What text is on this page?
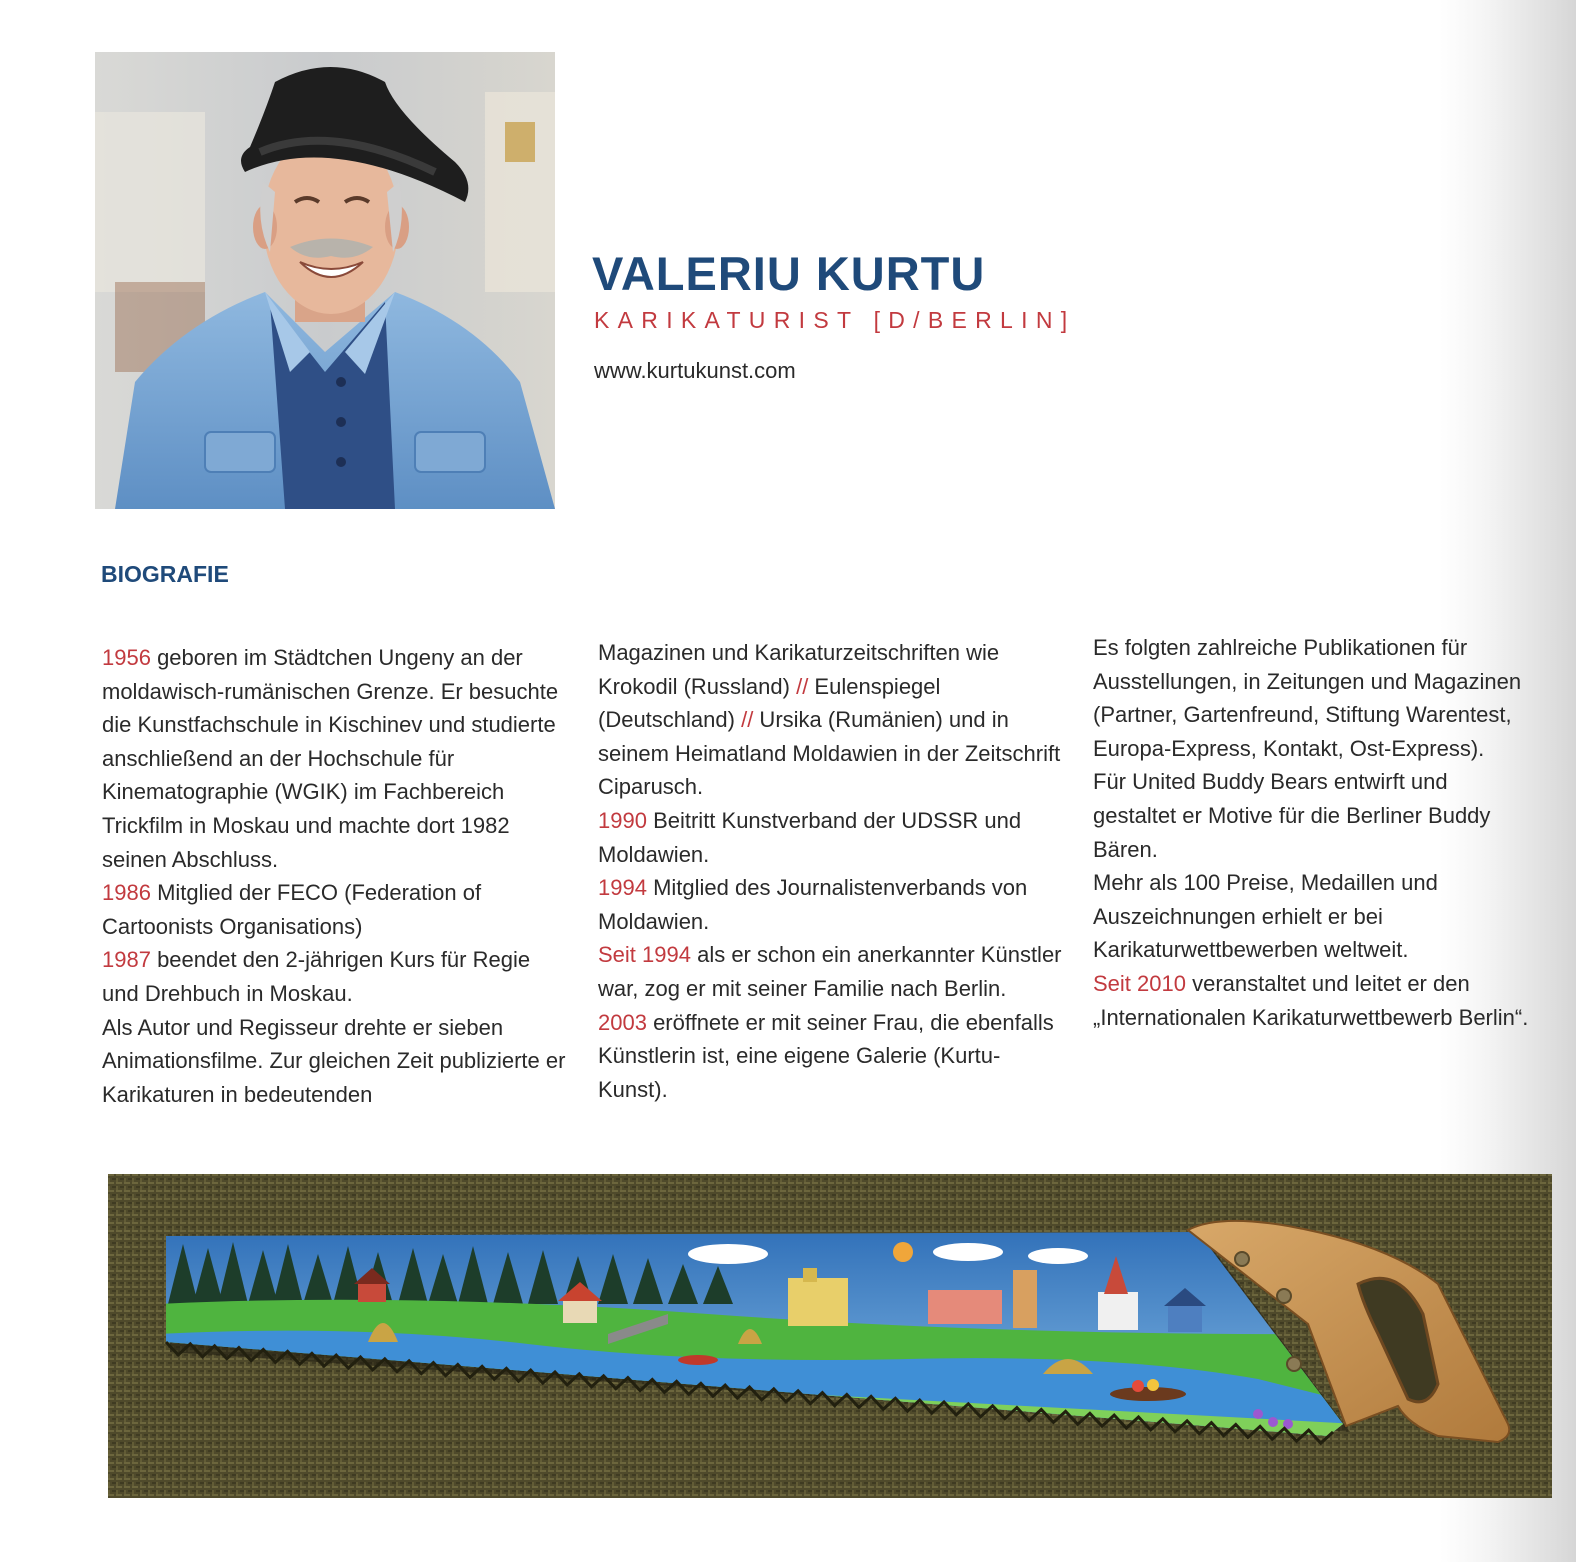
VALERIU KURTU

KARIKATURIST [D/BERLIN]

www.kurtukunst.com

BIOGRAFIE

1956 geboren im Städtchen Ungeny an der moldawisch-rumänischen Grenze. Er besuchte die Kunstfachschule in Kischinev und studierte anschließend an der Hochschule für Kinematographie (WGIK) im Fachbereich Trickfilm in Moskau und machte dort 1982 seinen Abschluss.

1986 Mitglied der FECO (Federation of Cartoonists Organisations)

1987 beendet den 2-jährigen Kurs für Regie und Drehbuch in Moskau.

Als Autor und Regisseur drehte er sieben Animationsfilme. Zur gleichen Zeit publizierte er Karikaturen in bedeutenden

Magazinen und Karikaturzeitschriften wie Krokodil (Russland) // Eulenspiegel (Deutschland) // Ursika (Rumänien) und in seinem Heimatland Moldawien in der Zeitschrift Ciparusch.

1990 Beitritt Kunstverband der UDSSR und Moldawien.

1994 Mitglied des Journalistenverbands von Moldawien.

Seit 1994 als er schon ein anerkannter Künstler war, zog er mit seiner Familie nach Berlin.

2003 eröffnete er mit seiner Frau, die ebenfalls Künstlerin ist, eine eigene Galerie (Kurtu-Kunst).

Es folgten zahlreiche Publikationen für Ausstellungen, in Zeitungen und Magazinen (Partner, Gartenfreund, Stiftung Warentest, Europa-Express, Kontakt, Ost-Express).

Für United Buddy Bears entwirft und gestaltet er Motive für die Berliner Buddy Bären.

Mehr als 100 Preise, Medaillen und Auszeichnungen erhielt er bei Karikaturwettbewerben weltweit.

Seit 2010 veranstaltet und leitet er den „Internationalen Karikaturwettbewerb Berlin“.
